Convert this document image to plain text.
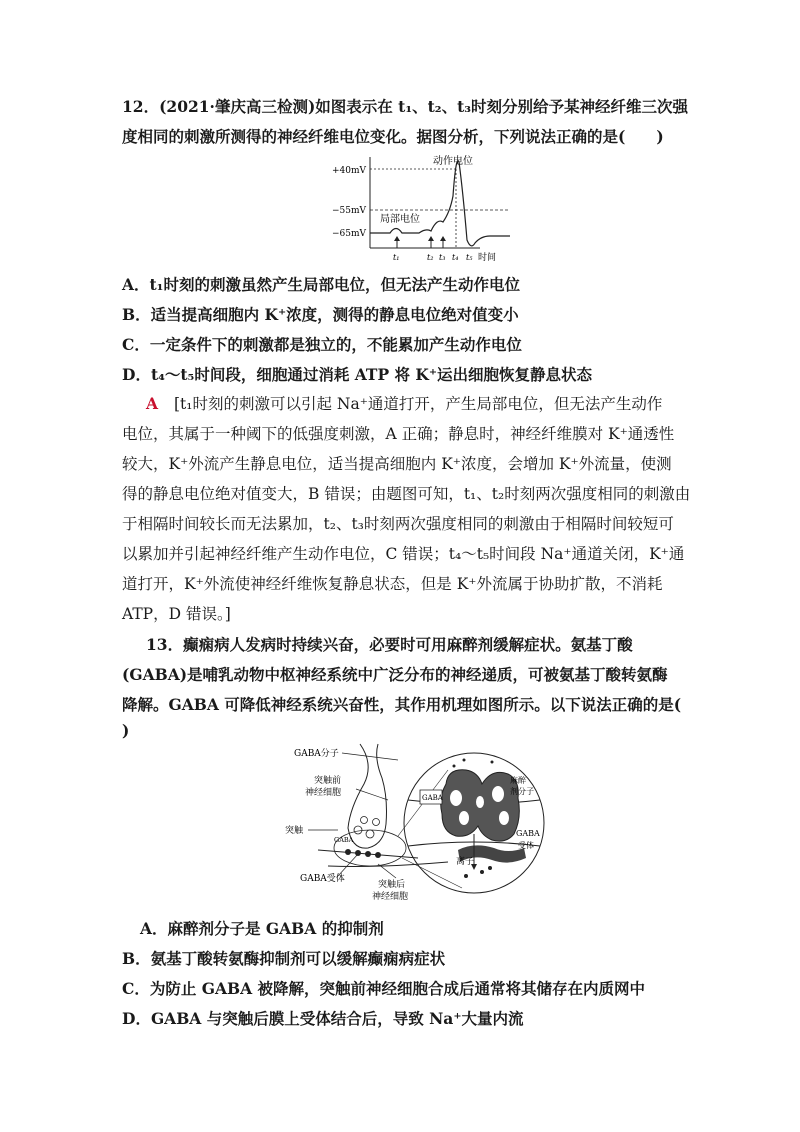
12．(2021·肇庆高三检测)如图表示在 t₁、t₂、t₃时刻分别给予某神经纤维三次强
度相同的刺激所测得的神经纤维电位变化。据图分析，下列说法正确的是(　　)
+40mV
−55mV
−65mV
动作电位
局部电位
t₁	t₂ t₃ t₄ t₅ 时间
A．t₁时刻的刺激虽然产生局部电位，但无法产生动作电位
B．适当提高细胞内 K⁺浓度，测得的静息电位绝对值变小
C．一定条件下的刺激都是独立的，不能累加产生动作电位
D．t₄～t₅时间段，细胞通过消耗 ATP 将 K⁺运出细胞恢复静息状态
A [t₁时刻的刺激可以引起 Na⁺通道打开，产生局部电位，但无法产生动作
电位，其属于一种阈下的低强度刺激，A 正确；静息时，神经纤维膜对 K⁺通透性
较大，K⁺外流产生静息电位，适当提高细胞内 K⁺浓度，会增加 K⁺外流量，使测
得的静息电位绝对值变大，B 错误；由题图可知，t₁、t₂时刻两次强度相同的刺激由
于相隔时间较长而无法累加，t₂、t₃时刻两次强度相同的刺激由于相隔时间较短可
以累加并引起神经纤维产生动作电位，C 错误；t₄～t₅时间段 Na⁺通道关闭，K⁺通
道打开，K⁺外流使神经纤维恢复静息状态，但是 K⁺外流属于协助扩散，不消耗
ATP，D 错误。]
13．癫痫病人发病时持续兴奋，必要时可用麻醉剂缓解症状。氨基丁酸
(GABA)是哺乳动物中枢神经系统中广泛分布的神经递质，可被氨基丁酸转氨酶
降解。GABA 可降低神经系统兴奋性，其作用机理如图所示。以下说法正确的是(
)
GABA分子
突触前
神经细胞
突触
GABA受体
突触后
神经细胞
GABA
GABA
麻醉
剂分子
GABA
受体
离子
A．麻醉剂分子是 GABA 的抑制剂
B．氨基丁酸转氨酶抑制剂可以缓解癫痫病症状
C．为防止 GABA 被降解，突触前神经细胞合成后通常将其储存在内质网中
D．GABA 与突触后膜上受体结合后，导致 Na⁺大量内流
